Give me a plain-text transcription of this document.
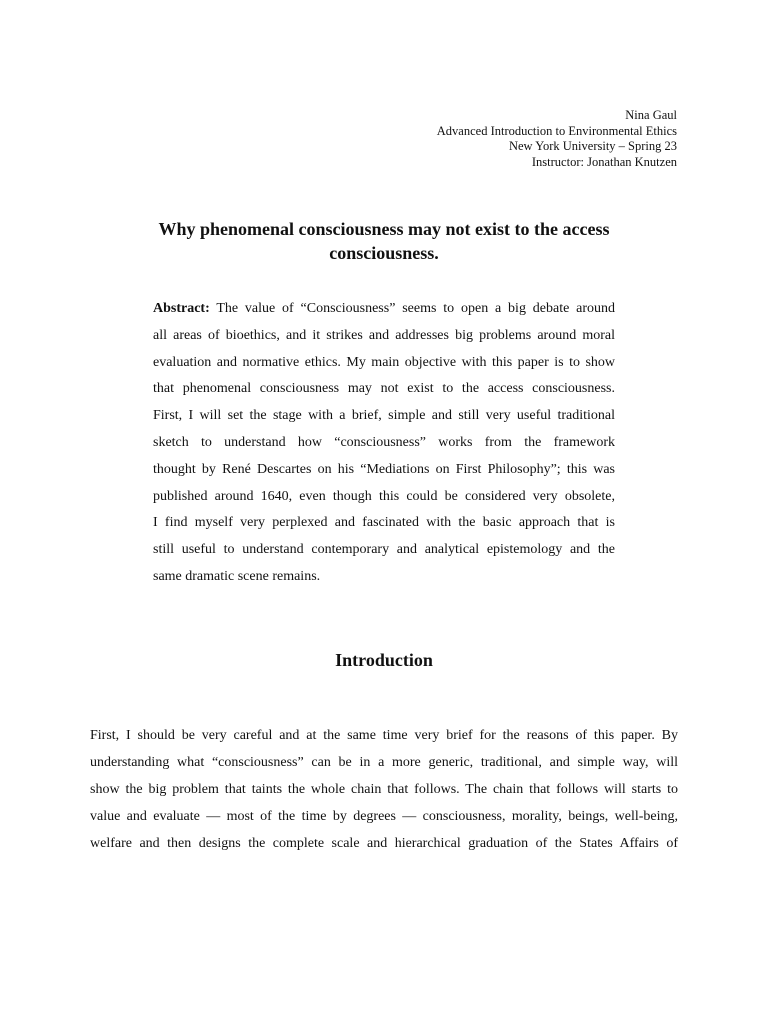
Nina Gaul
Advanced Introduction to Environmental Ethics
New York University – Spring 23
Instructor: Jonathan Knutzen
Why phenomenal consciousness may not exist to the access
consciousness.
Abstract: The value of “Consciousness” seems to open a big debate around
all areas of bioethics, and it strikes and addresses big problems around moral
evaluation and normative ethics. My main objective with this paper is to show
that phenomenal consciousness may not exist to the access consciousness.
First, I will set the stage with a brief, simple and still very useful traditional
sketch to understand how “consciousness” works from the framework
thought by René Descartes on his “Mediations on First Philosophy”; this was
published around 1640, even though this could be considered very obsolete,
I find myself very perplexed and fascinated with the basic approach that is
still useful to understand contemporary and analytical epistemology and the
same dramatic scene remains.
Introduction
First, I should be very careful and at the same time very brief for the reasons of this paper. By
understanding what “consciousness” can be in a more generic, traditional, and simple way, will
show the big problem that taints the whole chain that follows. The chain that follows will starts to
value and evaluate — most of the time by degrees — consciousness, morality, beings, well-being,
welfare and then designs the complete scale and hierarchical graduation of the States Affairs of
